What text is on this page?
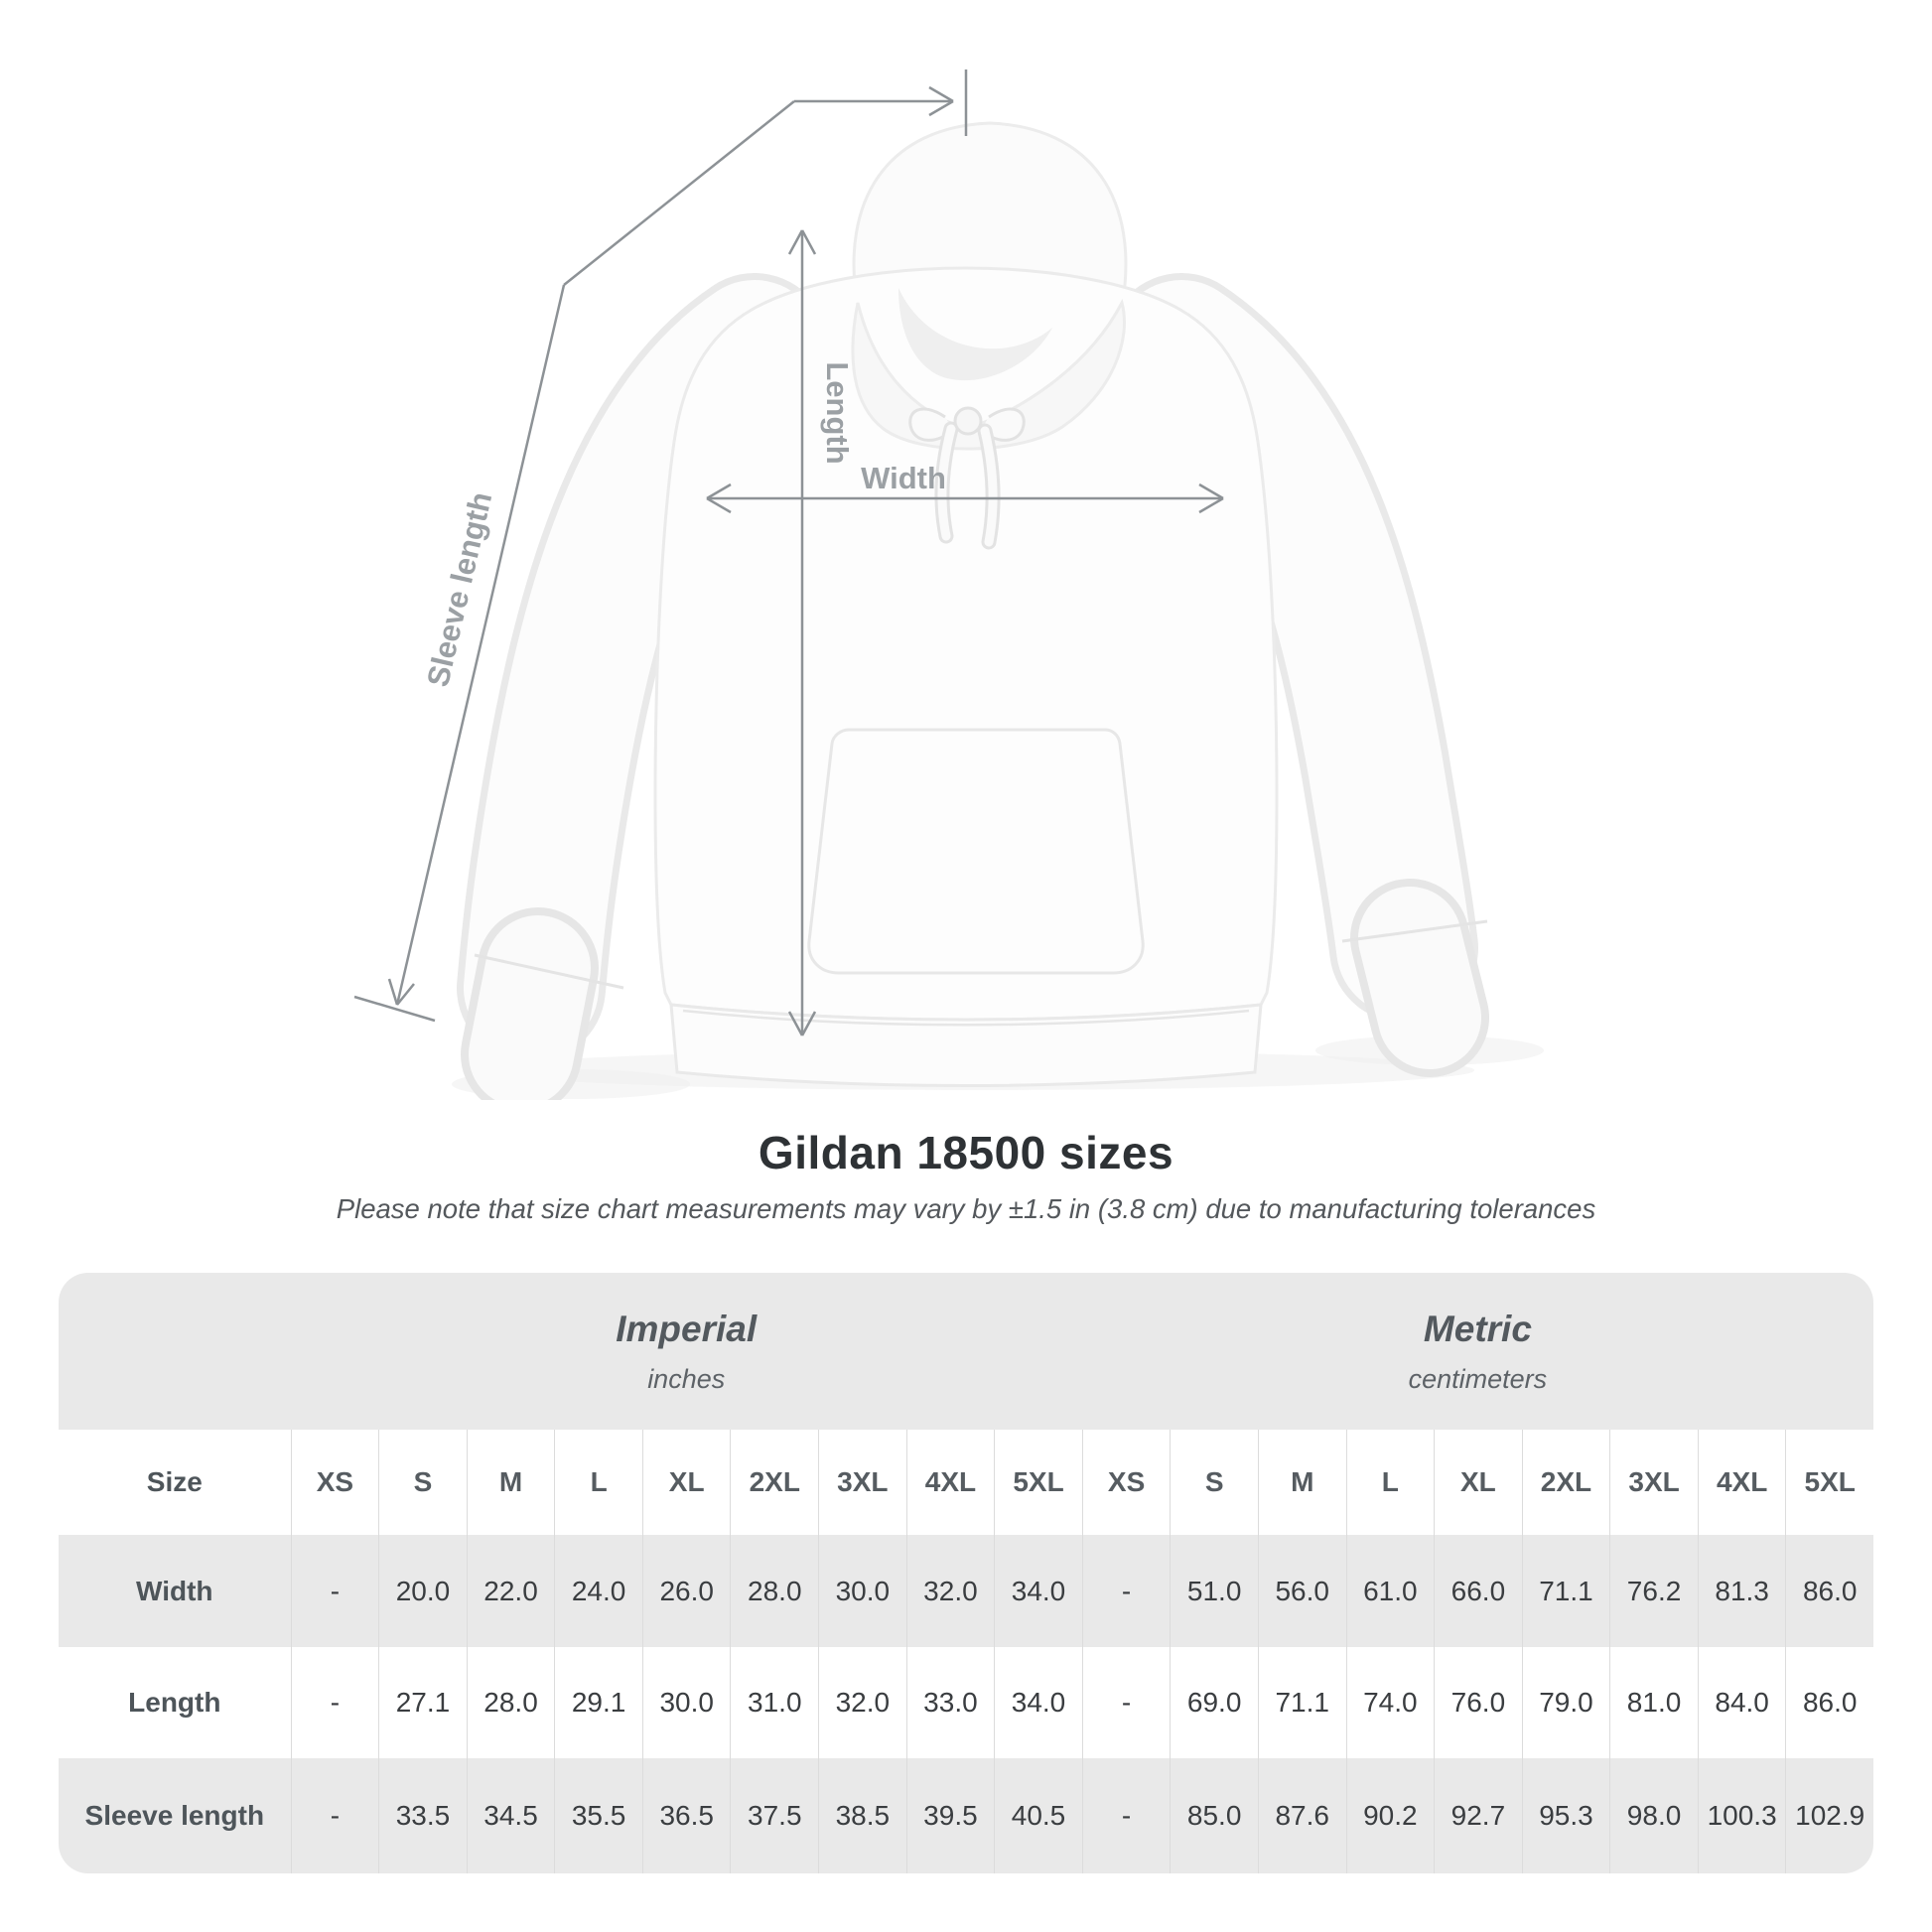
Length
Width
Sleeve length
Gildan 18500 sizes

Please note that size chart measurements may vary by ±1.5 in (3.8 cm) due to manufacturing tolerances

Imperial
inches
Metric
centimeters
Size	XS	S	M	L	XL	2XL	3XL	4XL	5XL	XS	S	M	L	XL	2XL	3XL	4XL	5XL
Width	-	20.0	22.0	24.0	26.0	28.0	30.0	32.0	34.0	-	51.0	56.0	61.0	66.0	71.1	76.2	81.3	86.0
Length	-	27.1	28.0	29.1	30.0	31.0	32.0	33.0	34.0	-	69.0	71.1	74.0	76.0	79.0	81.0	84.0	86.0
Sleeve length	-	33.5	34.5	35.5	36.5	37.5	38.5	39.5	40.5	-	85.0	87.6	90.2	92.7	95.3	98.0 100.3 102.9
